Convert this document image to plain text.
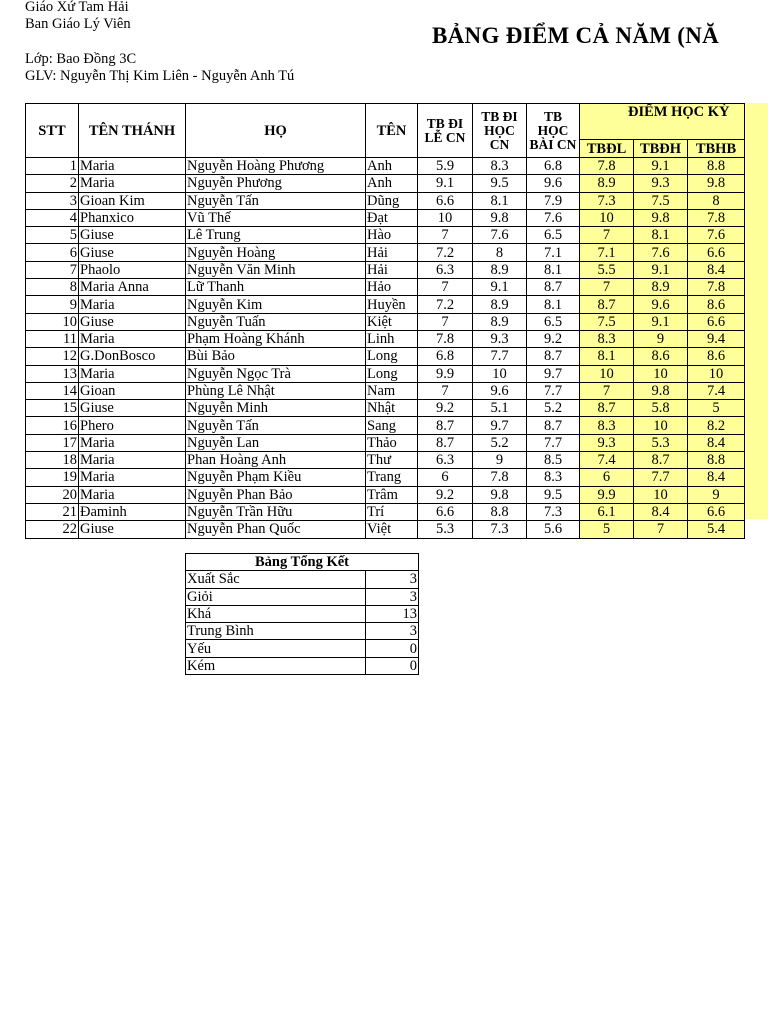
Giáo Xứ Tam Hải
Ban Giáo Lý Viên
Lớp: Bao Đồng 3C
GLV: Nguyễn Thị Kim Liên - Nguyễn Anh Tú
BẢNG ĐIỂM CẢ NĂM (NĂ
STT	TÊN THÁNH	HỌ	TÊN	TB ĐI LỄ CN	TB ĐI HỌC CN	TB HỌC BÀI CN	ĐIỂM HỌC KỲ		
							TBĐL	TBĐH	TBHB
1	Maria	Nguyễn Hoàng Phương	Anh	5.9	8.3	6.8	7.8	9.1	8.8
2	Maria	Nguyễn Phương	Anh	9.1	9.5	9.6	8.9	9.3	9.8
3	Gioan Kim	Nguyễn Tấn	Dũng	6.6	8.1	7.9	7.3	7.5	8
4	Phanxico	Vũ Thế	Đạt	10	9.8	7.6	10	9.8	7.8
5	Giuse	Lê Trung	Hào	7	7.6	6.5	7	8.1	7.6
6	Giuse	Nguyễn Hoàng	Hải	7.2	8	7.1	7.1	7.6	6.6
7	Phaolo	Nguyễn Văn Minh	Hải	6.3	8.9	8.1	5.5	9.1	8.4
8	Maria Anna	Lữ Thanh	Hảo	7	9.1	8.7	7	8.9	7.8
9	Maria	Nguyễn Kim	Huyền	7.2	8.9	8.1	8.7	9.6	8.6
10	Giuse	Nguyễn Tuấn	Kiệt	7	8.9	6.5	7.5	9.1	6.6
11	Maria	Phạm Hoàng Khánh	Linh	7.8	9.3	9.2	8.3	9	9.4
12	G.DonBosco	Bùi Bảo	Long	6.8	7.7	8.7	8.1	8.6	8.6
13	Maria	Nguyễn Ngọc Trà	Long	9.9	10	9.7	10	10	10
14	Gioan	Phùng Lê Nhật	Nam	7	9.6	7.7	7	9.8	7.4
15	Giuse	Nguyễn Minh	Nhật	9.2	5.1	5.2	8.7	5.8	5
16	Phero	Nguyễn Tấn	Sang	8.7	9.7	8.7	8.3	10	8.2
17	Maria	Nguyễn Lan	Thảo	8.7	5.2	7.7	9.3	5.3	8.4
18	Maria	Phan Hoàng Anh	Thư	6.3	9	8.5	7.4	8.7	8.8
19	Maria	Nguyễn Phạm Kiều	Trang	6	7.8	8.3	6	7.7	8.4
20	Maria	Nguyễn Phan Bảo	Trâm	9.2	9.8	9.5	9.9	10	9
21	Đaminh	Nguyễn Trần Hữu	Trí	6.6	8.8	7.3	6.1	8.4	6.6
22	Giuse	Nguyễn Phan Quốc	Việt	5.3	7.3	5.6	5	7	5.4
Bảng Tổng Kết	
Xuất Sắc	3
Giỏi	3
Khá	13
Trung Bình	3
Yếu	0
Kém	0
